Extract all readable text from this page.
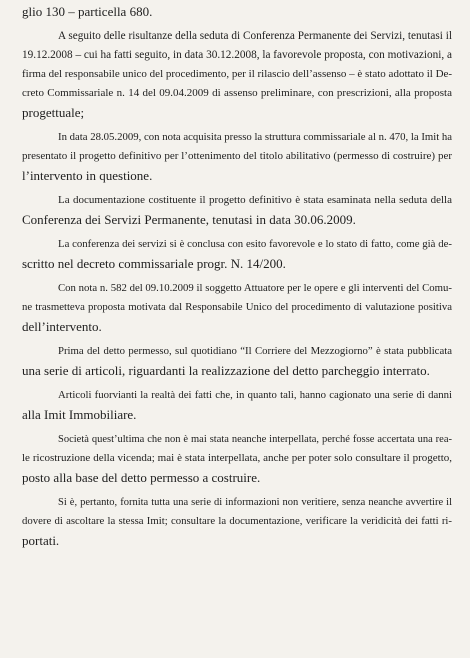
glio 130 – particella 680.

A seguito delle risultanze della seduta di Conferenza Permanente dei Servizi, tenutasi il

19.12.2008 – cui ha fatti seguito, in data 30.12.2008, la favorevole proposta, con motivazioni, a

firma del responsabile unico del procedimento, per il rilascio dell’assenso – è stato adottato il De-

creto Commissariale n. 14 del 09.04.2009 di assenso preliminare, con prescrizioni, alla proposta

progettuale;

In data 28.05.2009, con nota acquisita presso la struttura commissariale al n. 470, la Imit ha

presentato il progetto definitivo per l’ottenimento del titolo abilitativo (permesso di costruire) per

l’intervento in questione.

La documentazione costituente il progetto definitivo è stata esaminata nella seduta della

Conferenza dei Servizi Permanente, tenutasi in data 30.06.2009.

La conferenza dei servizi si è conclusa con esito favorevole e lo stato di fatto, come già de-

scritto nel decreto commissariale progr. N. 14/200.

Con nota n. 582 del 09.10.2009 il soggetto Attuatore per le opere e gli interventi del Comu-

ne trasmetteva proposta motivata dal Responsabile Unico del procedimento di valutazione positiva

dell’intervento.

Prima del detto permesso, sul quotidiano “Il Corriere del Mezzogiorno” è stata pubblicata

una serie di articoli, riguardanti la realizzazione del detto parcheggio interrato.

Articoli fuorvianti la realtà dei fatti che, in quanto tali, hanno cagionato una serie di danni

alla Imit Immobiliare.

Società quest’ultima che non è mai stata neanche interpellata, perché fosse accertata una rea-

le ricostruzione della vicenda; mai è stata interpellata, anche per poter solo consultare il progetto,

posto alla base del detto permesso a costruire.

Si è, pertanto, fornita tutta una serie di informazioni non veritiere, senza neanche avvertire il

dovere di ascoltare la stessa Imit; consultare la documentazione, verificare la veridicità dei fatti ri-

portati.
